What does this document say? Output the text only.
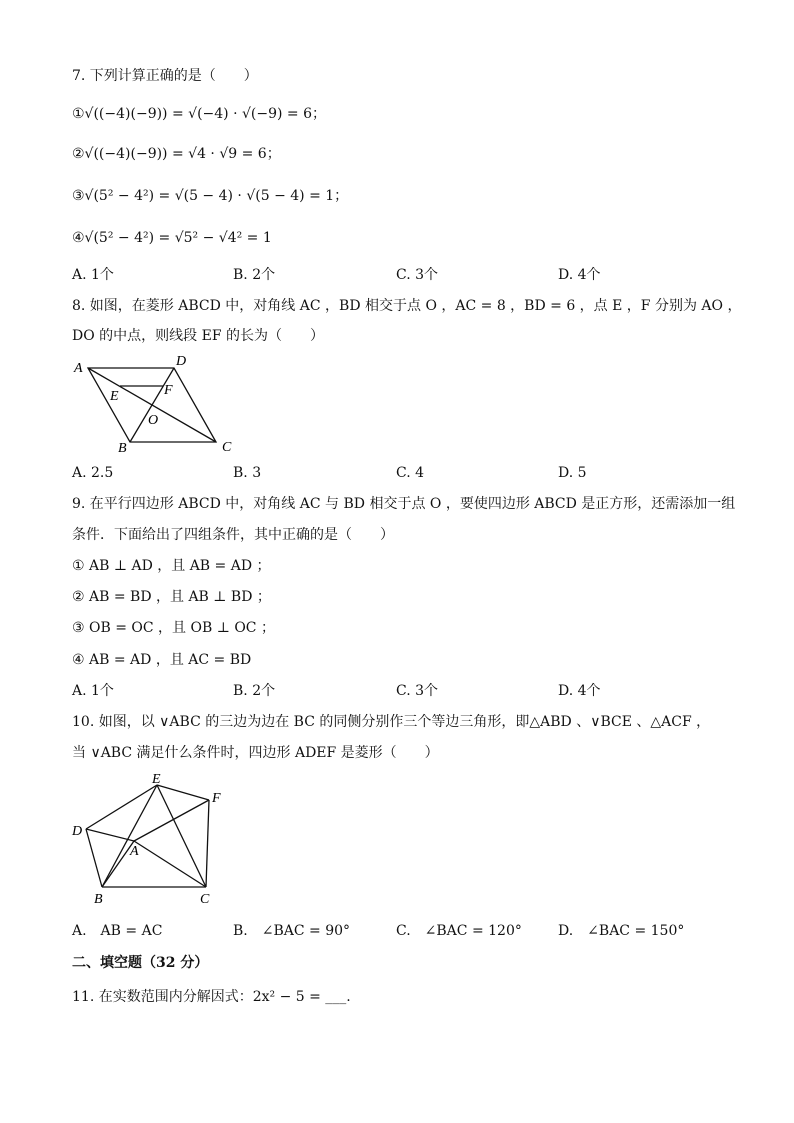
7. 下列计算正确的是（　　）
①√((−4)(−9)) = √(−4) · √(−9) = 6；
②√((−4)(−9)) = √4 · √9 = 6；
③√(5² − 4²) = √(5 − 4) · √(5 − 4) = 1；
④√(5² − 4²) = √5² − √4² = 1
A. 1个	B. 2个	C. 3个	D. 4个
8. 如图，在菱形 ABCD 中，对角线 AC ，BD 相交于点 O ，AC = 8 ，BD = 6 ，点 E ，F 分别为 AO ，
DO 的中点，则线段 EF 的长为（　　）
A	D
E	F
O
B	C
A. 2.5	B. 3	C. 4	D. 5
9. 在平行四边形 ABCD 中，对角线 AC 与 BD 相交于点 O ，要使四边形 ABCD 是正方形，还需添加一组
条件．下面给出了四组条件，其中正确的是（　　）
① AB ⊥ AD ，且 AB = AD ；
② AB = BD ，且 AB ⊥ BD ；
③ OB = OC ，且 OB ⊥ OC ；
④ AB = AD ，且 AC = BD
A. 1个	B. 2个	C. 3个	D. 4个
10. 如图，以 ∨ABC 的三边为边在 BC 的同侧分别作三个等边三角形，即△ABD 、∨BCE 、△ACF ，
当 ∨ABC 满足什么条件时，四边形 ADEF 是菱形（　　）
E
F
D
A
B	C
A.　AB = AC	B.　∠BAC = 90°	C.　∠BAC = 120°	D.　∠BAC = 150°
二、填空题（32 分）
11. 在实数范围内分解因式：2x² − 5 = ___.
